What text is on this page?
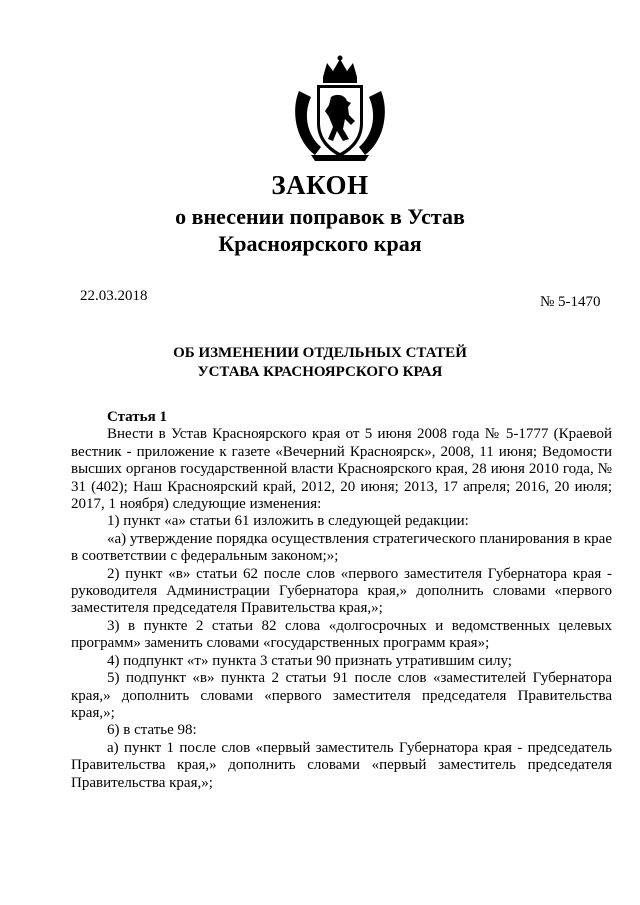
ЗАКОН
о внесении поправок в Устав
Красноярского края
22.03.2018	№ 5-1470
ОБ ИЗМЕНЕНИИ ОТДЕЛЬНЫХ СТАТЕЙ
УСТАВА КРАСНОЯРСКОГО КРАЯ

Статья 1

Внести в Устав Красноярского края от 5 июня 2008 года № 5-1777 (Краевой вестник - приложение к газете «Вечерний Красноярск», 2008, 11 июня; Ведомости высших органов государственной власти Красноярского края, 28 июня 2010 года, № 31 (402); Наш Красноярский край, 2012, 20 июня; 2013, 17 апреля; 2016, 20 июля; 2017, 1 ноября) следующие изменения:

1) пункт «а» статьи 61 изложить в следующей редакции:

«а) утверждение порядка осуществления стратегического планирования в крае в соответствии с федеральным законом;»;

2) пункт «в» статьи 62 после слов «первого заместителя Губернатора края - руководителя Администрации Губернатора края,» дополнить словами «первого заместителя председателя Правительства края,»;

3) в пункте 2 статьи 82 слова «долгосрочных и ведомственных целевых программ» заменить словами «государственных программ края»;

4) подпункт «т» пункта 3 статьи 90 признать утратившим силу;

5) подпункт «в» пункта 2 статьи 91 после слов «заместителей Губернатора края,» дополнить словами «первого заместителя председателя Правительства края,»;

6) в статье 98:

а) пункт 1 после слов «первый заместитель Губернатора края - председатель Правительства края,» дополнить словами «первый заместитель председателя Правительства края,»;
